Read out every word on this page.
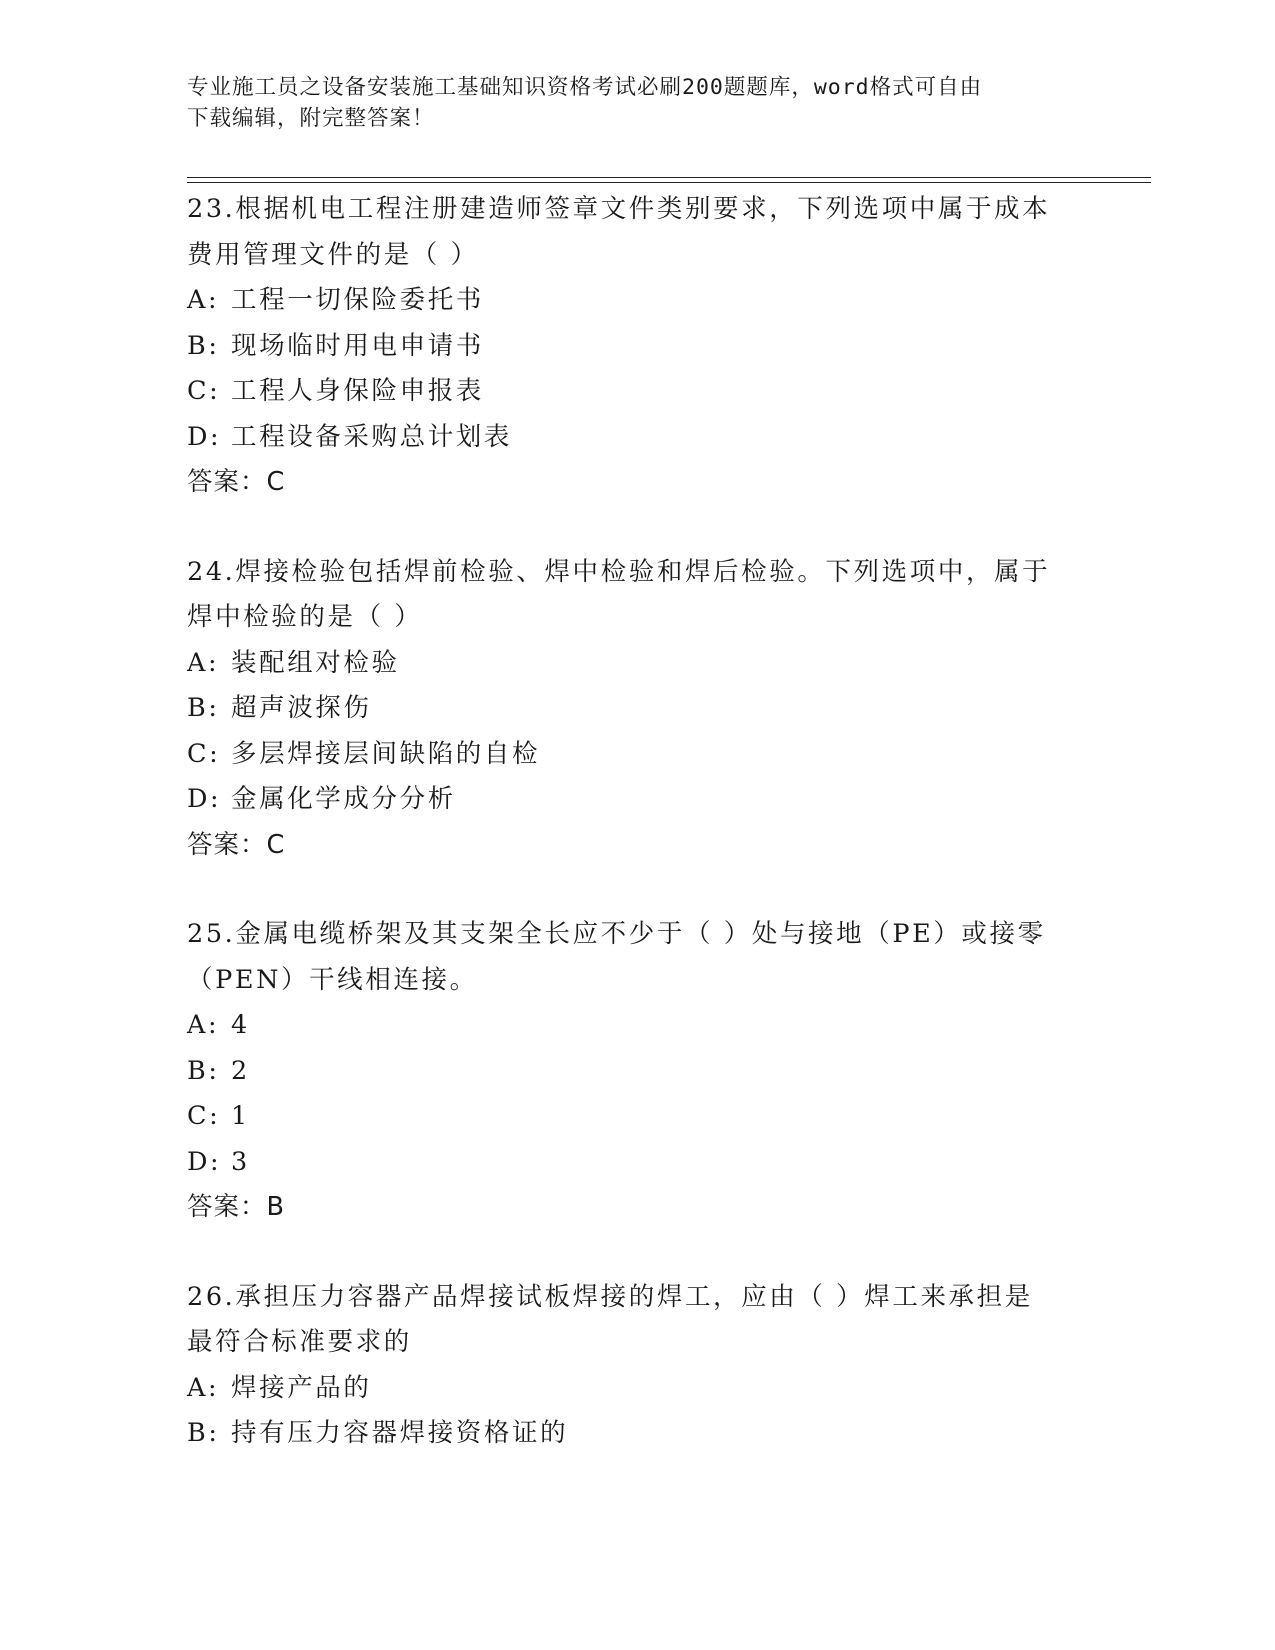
专业施工员之设备安装施工基础知识资格考试必刷200题题库，word格式可自由
下载编辑，附完整答案！
23.根据机电工程注册建造师签章文件类别要求，下列选项中属于成本
费用管理文件的是（ ）
A: 工程一切保险委托书
B: 现场临时用电申请书
C: 工程人身保险申报表
D: 工程设备采购总计划表
答案：C
24.焊接检验包括焊前检验、焊中检验和焊后检验。下列选项中，属于
焊中检验的是（ ）
A: 装配组对检验
B: 超声波探伤
C: 多层焊接层间缺陷的自检
D: 金属化学成分分析
答案：C
25.金属电缆桥架及其支架全长应不少于（ ）处与接地（PE）或接零
（PEN）干线相连接。
A: 4
B: 2
C: 1
D: 3
答案：B
26.承担压力容器产品焊接试板焊接的焊工，应由（ ）焊工来承担是
最符合标准要求的
A: 焊接产品的
B: 持有压力容器焊接资格证的
